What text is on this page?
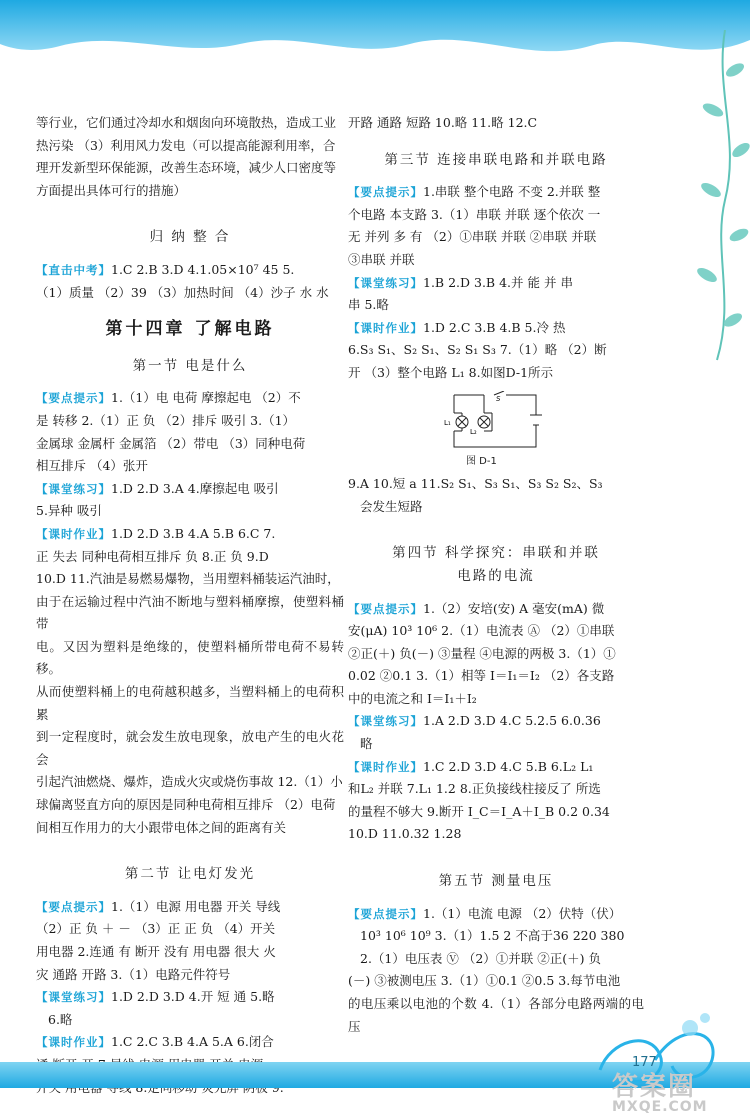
等行业，它们通过冷却水和烟囱向环境散热，造成工业

热污染 （3）利用风力发电（可以提高能源利用率，合

理开发新型环保能源，改善生态环境，减少人口密度等

方面提出具体可行的措施）

归 纳 整 合

【直击中考】1.C 2.B 3.D 4.1.05×10⁷ 45 5.

（1）质量 （2）39 （3）加热时间 （4）沙子 水 水

第十四章 了解电路

第一节 电是什么

【要点提示】1.（1）电 电荷 摩擦起电 （2）不

是 转移 2.（1）正 负 （2）排斥 吸引 3.（1）

金属球 金属杆 金属箔 （2）带电 （3）同种电荷

相互排斥 （4）张开

【课堂练习】1.D 2.D 3.A 4.摩擦起电 吸引

5.异种 吸引

【课时作业】1.D 2.D 3.B 4.A 5.B 6.C 7.

正 失去 同种电荷相互排斥 负 8.正 负 9.D

10.D 11.汽油是易燃易爆物，当用塑料桶装运汽油时，

由于在运输过程中汽油不断地与塑料桶摩擦，使塑料桶带

电。又因为塑料是绝缘的，使塑料桶所带电荷不易转移。

从而使塑料桶上的电荷越积越多，当塑料桶上的电荷积累

到一定程度时，就会发生放电现象，放电产生的电火花会

引起汽油燃烧、爆炸，造成火灾或烧伤事故 12.（1）小

球偏离竖直方向的原因是同种电荷相互排斥 （2）电荷

间相互作用力的大小跟带电体之间的距离有关

第二节 让电灯发光

【要点提示】1.（1）电源 用电器 开关 导线

（2）正 负 ＋ － （3）正 正 负 （4）开关

用电器 2.连通 有 断开 没有 用电器 很大 火

灾 通路 开路 3.（1）电路元件符号

【课堂练习】1.D 2.D 3.D 4.开 短 通 5.略

6.略

【课时作业】1.C 2.C 3.B 4.A 5.A 6.闭合

开路 通路 短路 10.略 11.略 12.C

第三节 连接串联电路和并联电路

【要点提示】1.串联 整个电路 不变 2.并联 整

个电路 本支路 3.（1）串联 并联 逐个依次 一

无 并列 多 有 （2）①串联 并联 ②串联 并联

③串联 并联

【课堂练习】1.B 2.D 3.B 4.并 能 并 串

串 5.略

【课时作业】1.D 2.C 3.B 4.B 5.冷 热

6.S₃ S₁、S₂ S₁、S₂ S₁ S₃ 7.（1）略 （2）断

开 （3）整个电路 L₁ 8.如图D-1所示

L₁
L₂
S

图 D-1

9.A 10.短 a 11.S₂ S₁、S₃ S₁、S₃ S₂ S₂、S₃

会发生短路

第四节 科学探究：串联和并联

电路的电流

【要点提示】1.（2）安培(安) A 毫安(mA) 微

安(μA) 10³ 10⁶ 2.（1）电流表 Ⓐ （2）①串联

②正(＋) 负(－) ③量程 ④电源的两极 3.（1）①

0.02 ②0.1 3.（1）相等 I＝I₁＝I₂ （2）各支路

中的电流之和 I＝I₁＋I₂

【课堂练习】1.A 2.D 3.D 4.C 5.2.5 6.0.36

略

【课时作业】1.C 2.D 3.D 4.C 5.B 6.L₂ L₁

和L₂ 并联 7.L₁ 1.2 8.正负接线柱接反了 所选

的量程不够大 9.断开 I_C＝I_A＋I_B 0.2 0.34

10.D 11.0.32 1.28

第五节 测量电压

【要点提示】1.（1）电流 电源 （2）伏特（伏）

10³ 10⁶ 10⁹ 3.（1）1.5 2 不高于36 220 380

2.（1）电压表 Ⓥ （2）①并联 ②正(＋) 负

(－) ③被测电压 3.（1）①0.1 ②0.5 3.每节电池

的电压乘以电池的个数 4.（1）各部分电路两端的电压

177
答案圈
MXQE.COM
